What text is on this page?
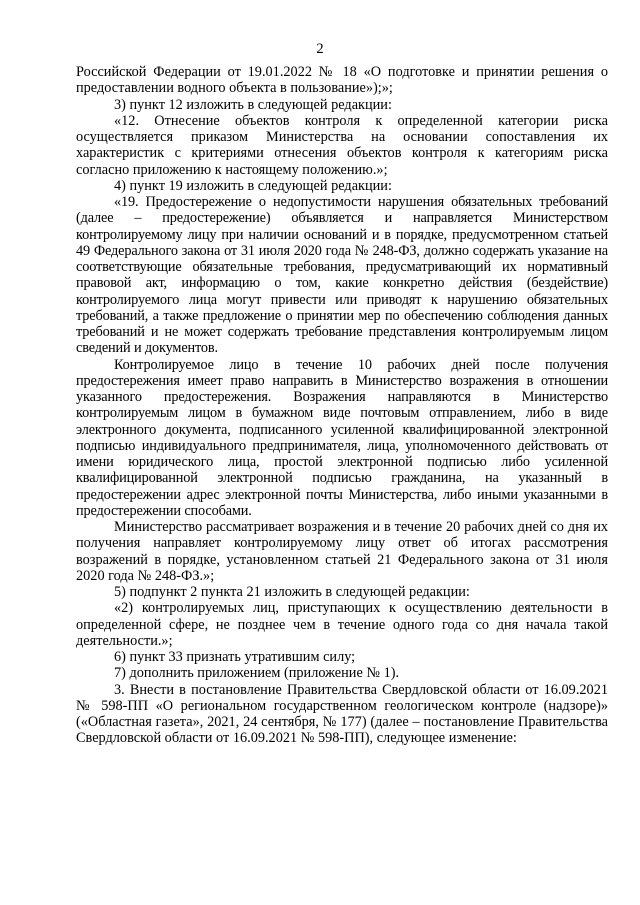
2

Российской Федерации от 19.01.2022 № 18 «О подготовке и принятии решения о предоставлении водного объекта в пользование»);»;

3) пункт 12 изложить в следующей редакции:

«12. Отнесение объектов контроля к определенной категории риска осуществляется приказом Министерства на основании сопоставления их характеристик с критериями отнесения объектов контроля к категориям риска согласно приложению к настоящему положению.»;

4) пункт 19 изложить в следующей редакции:

«19. Предостережение о недопустимости нарушения обязательных требований (далее – предостережение) объявляется и направляется Министерством контролируемому лицу при наличии оснований и в порядке, предусмотренном статьей 49 Федерального закона от 31 июля 2020 года № 248-ФЗ, должно содержать указание на соответствующие обязательные требования, предусматривающий их нормативный правовой акт, информацию о том, какие конкретно действия (бездействие) контролируемого лица могут привести или приводят к нарушению обязательных требований, а также предложение о принятии мер по обеспечению соблюдения данных требований и не может содержать требование представления контролируемым лицом сведений и документов.

Контролируемое лицо в течение 10 рабочих дней после получения предостережения имеет право направить в Министерство возражения в отношении указанного предостережения. Возражения направляются в Министерство контролируемым лицом в бумажном виде почтовым отправлением, либо в виде электронного документа, подписанного усиленной квалифицированной электронной подписью индивидуального предпринимателя, лица, уполномоченного действовать от имени юридического лица, простой электронной подписью либо усиленной квалифицированной электронной подписью гражданина, на указанный в предостережении адрес электронной почты Министерства, либо иными указанными в предостережении способами.

Министерство рассматривает возражения и в течение 20 рабочих дней со дня их получения направляет контролируемому лицу ответ об итогах рассмотрения возражений в порядке, установленном статьей 21 Федерального закона от 31 июля 2020 года № 248-ФЗ.»;

5) подпункт 2 пункта 21 изложить в следующей редакции:

«2) контролируемых лиц, приступающих к осуществлению деятельности в определенной сфере, не позднее чем в течение одного года со дня начала такой деятельности.»;

6) пункт 33 признать утратившим силу;

7) дополнить приложением (приложение № 1).

3. Внести в постановление Правительства Свердловской области от 16.09.2021 № 598-ПП «О региональном государственном геологическом контроле (надзоре)» («Областная газета», 2021, 24 сентября, № 177) (далее – постановление Правительства Свердловской области от 16.09.2021 № 598-ПП), следующее изменение:
